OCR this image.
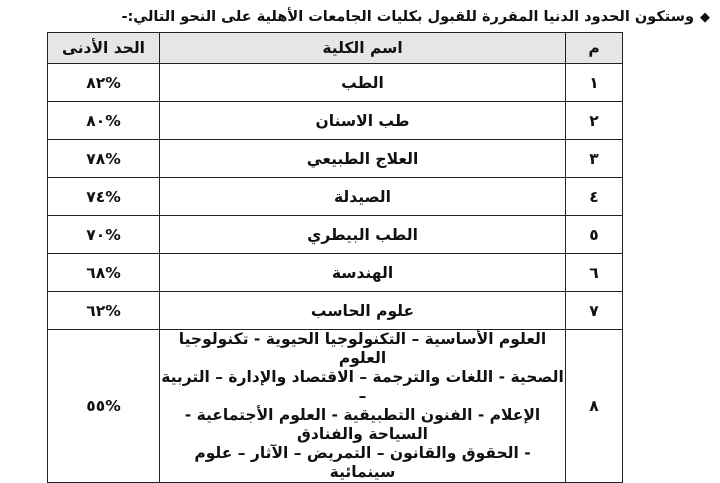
◆وستكون الحدود الدنيا المقررة للقبول بكليات الجامعات الأهلية على النحو التالي:-
م	اسم الكلية	الحد الأدنى
١	الطب	%٨٢
٢	طب الاسنان	%٨٠
٣	العلاج الطبيعي	%٧٨
٤	الصيدلة	%٧٤
٥	الطب البيطري	%٧٠
٦	الهندسة	%٦٨
٧	علوم الحاسب	%٦٢
٨	العلوم الأساسية – التكنولوجيا الحيوية - تكنولوجيا العلوم
الصحية - اللغات والترجمة – الاقتصاد والإدارة – التربية –
الإعلام - الفنون التطبيقية - العلوم الأجتماعية - السياحة والفنادق
- الحقوق والقانون – التمريض – الآثار – علوم سينمائية	%٥٥
